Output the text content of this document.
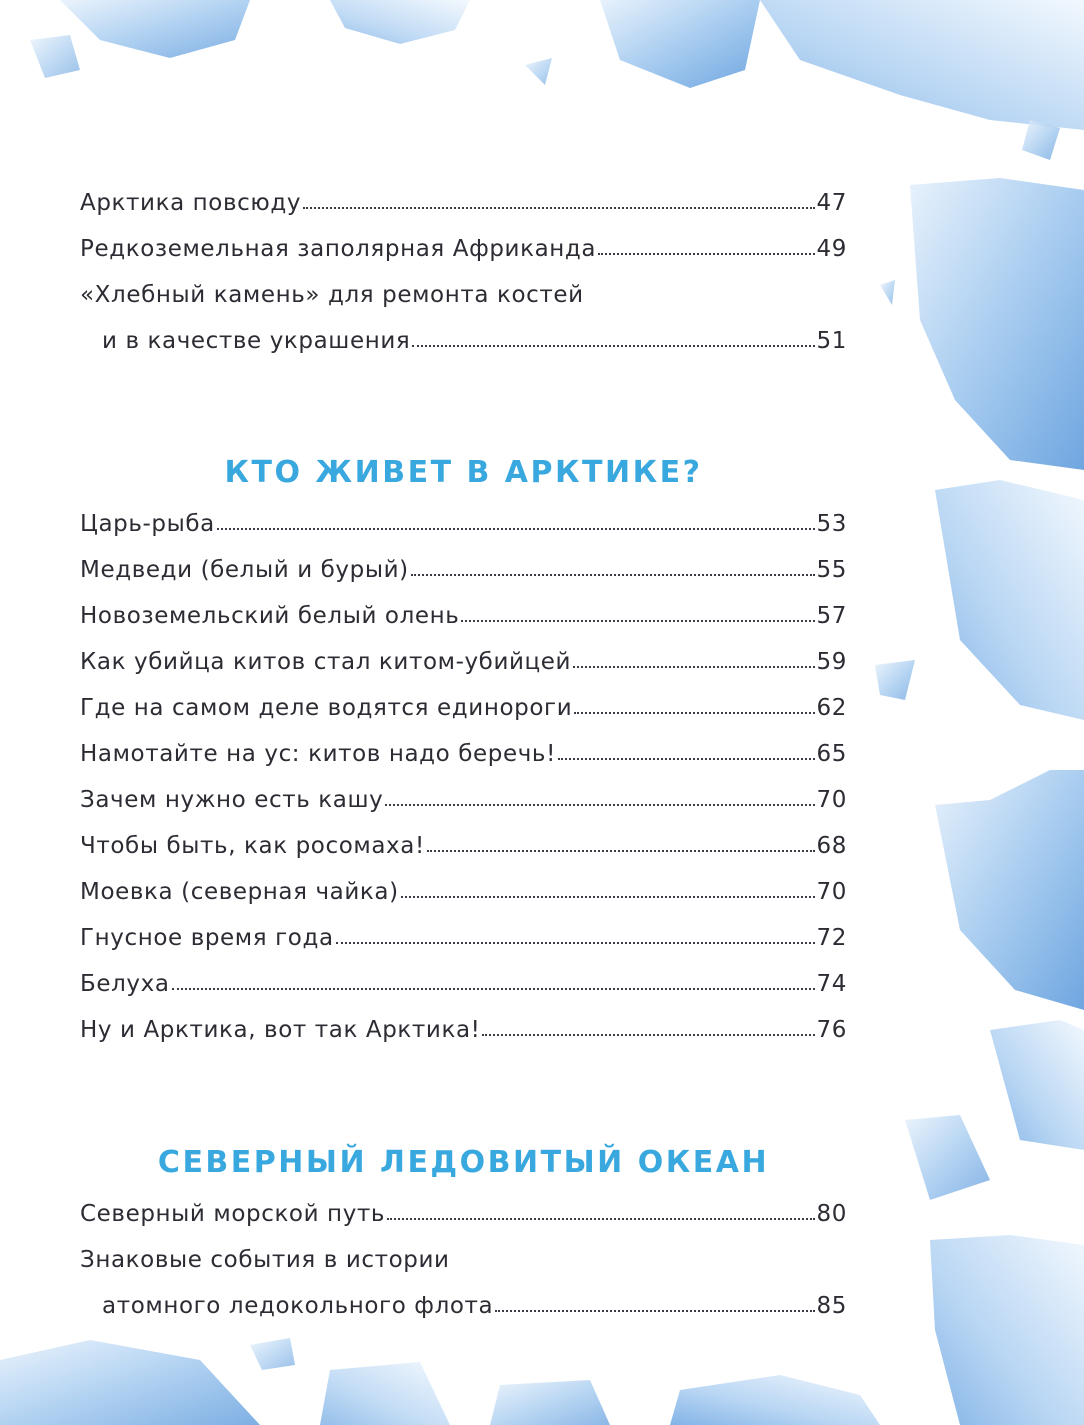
Арктика повсюду	47
Редкоземельная заполярная Африканда	49
«Хлебный камень» для ремонта костей
и в качестве украшения	51
КТО ЖИВЕТ В АРКТИКЕ?
Царь-рыба	53
Медведи (белый и бурый)	55
Новоземельский белый олень	57
Как убийца китов стал китом-убийцей	59
Где на самом деле водятся единороги	62
Намотайте на ус: китов надо беречь!	65
Зачем нужно есть кашу	70
Чтобы быть, как росомаха!	68
Моевка (северная чайка)	70
Гнусное время года	72
Белуха	74
Ну и Арктика, вот так Арктика!	76
СЕВЕРНЫЙ ЛЕДОВИТЫЙ ОКЕАН
Северный морской путь	80
Знаковые события в истории
атомного ледокольного флота	85
